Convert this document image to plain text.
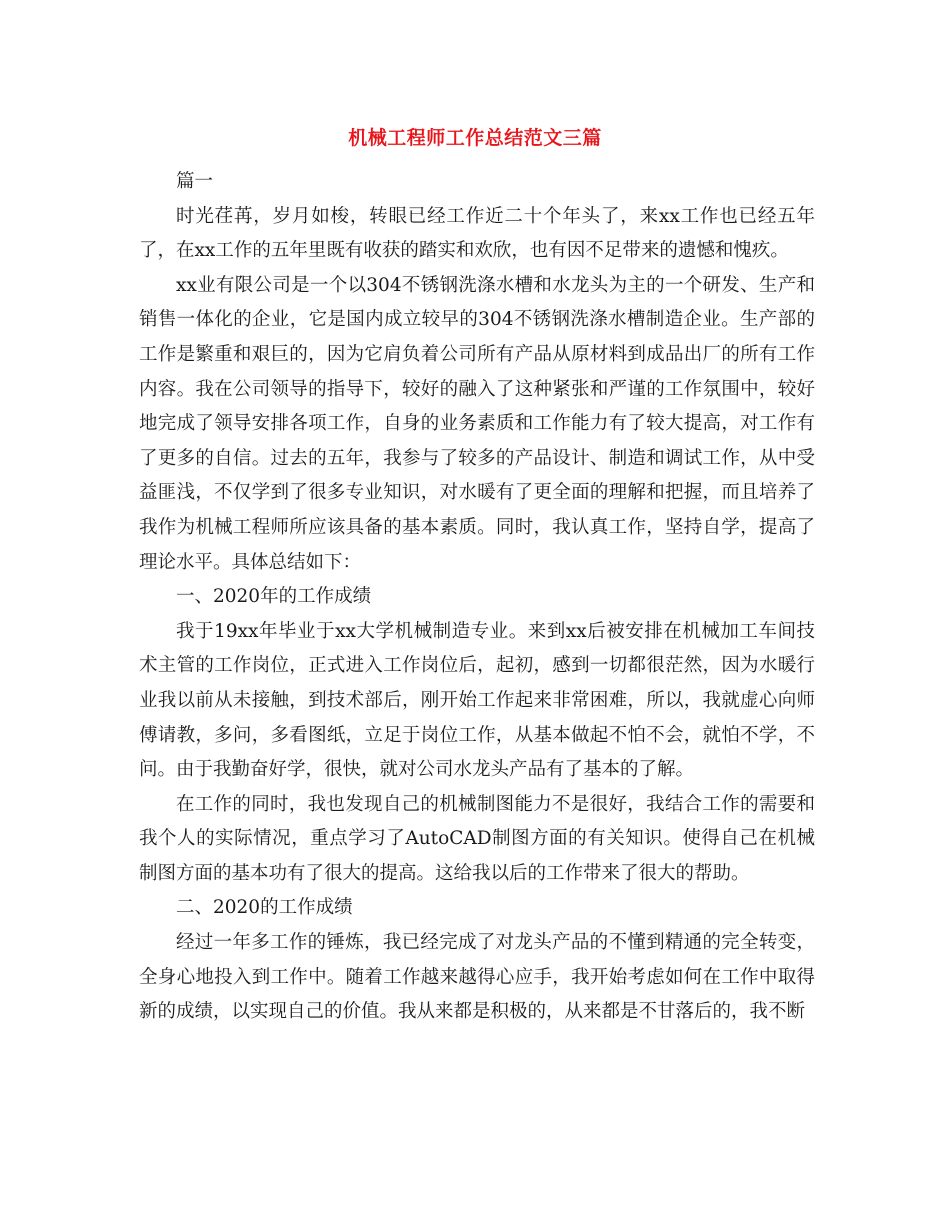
机械工程师工作总结范文三篇

篇一

时光荏苒，岁月如梭，转眼已经工作近二十个年头了，来xx工作也已经五年了，在xx工作的五年里既有收获的踏实和欢欣，也有因不足带来的遗憾和愧疚。

xx业有限公司是一个以304不锈钢洗涤水槽和水龙头为主的一个研发、生产和销售一体化的企业，它是国内成立较早的304不锈钢洗涤水槽制造企业。生产部的工作是繁重和艰巨的，因为它肩负着公司所有产品从原材料到成品出厂的所有工作内容。我在公司领导的指导下，较好的融入了这种紧张和严谨的工作氛围中，较好地完成了领导安排各项工作，自身的业务素质和工作能力有了较大提高，对工作有了更多的自信。过去的五年，我参与了较多的产品设计、制造和调试工作，从中受益匪浅，不仅学到了很多专业知识，对水暖有了更全面的理解和把握，而且培养了我作为机械工程师所应该具备的基本素质。同时，我认真工作，坚持自学，提高了理论水平。具体总结如下：

一、2020年的工作成绩

我于19xx年毕业于xx大学机械制造专业。来到xx后被安排在机械加工车间技术主管的工作岗位，正式进入工作岗位后，起初，感到一切都很茫然，因为水暖行业我以前从未接触，到技术部后，刚开始工作起来非常困难，所以，我就虚心向师傅请教，多问，多看图纸，立足于岗位工作，从基本做起不怕不会，就怕不学，不问。由于我勤奋好学，很快，就对公司水龙头产品有了基本的了解。

在工作的同时，我也发现自己的机械制图能力不是很好，我结合工作的需要和我个人的实际情况，重点学习了AutoCAD制图方面的有关知识。使得自己在机械制图方面的基本功有了很大的提高。这给我以后的工作带来了很大的帮助。

二、2020的工作成绩

经过一年多工作的锤炼，我已经完成了对龙头产品的不懂到精通的完全转变，全身心地投入到工作中。随着工作越来越得心应手，我开始考虑如何在工作中取得新的成绩，以实现自己的价值。我从来都是积极的，从来都是不甘落后的，我不断
